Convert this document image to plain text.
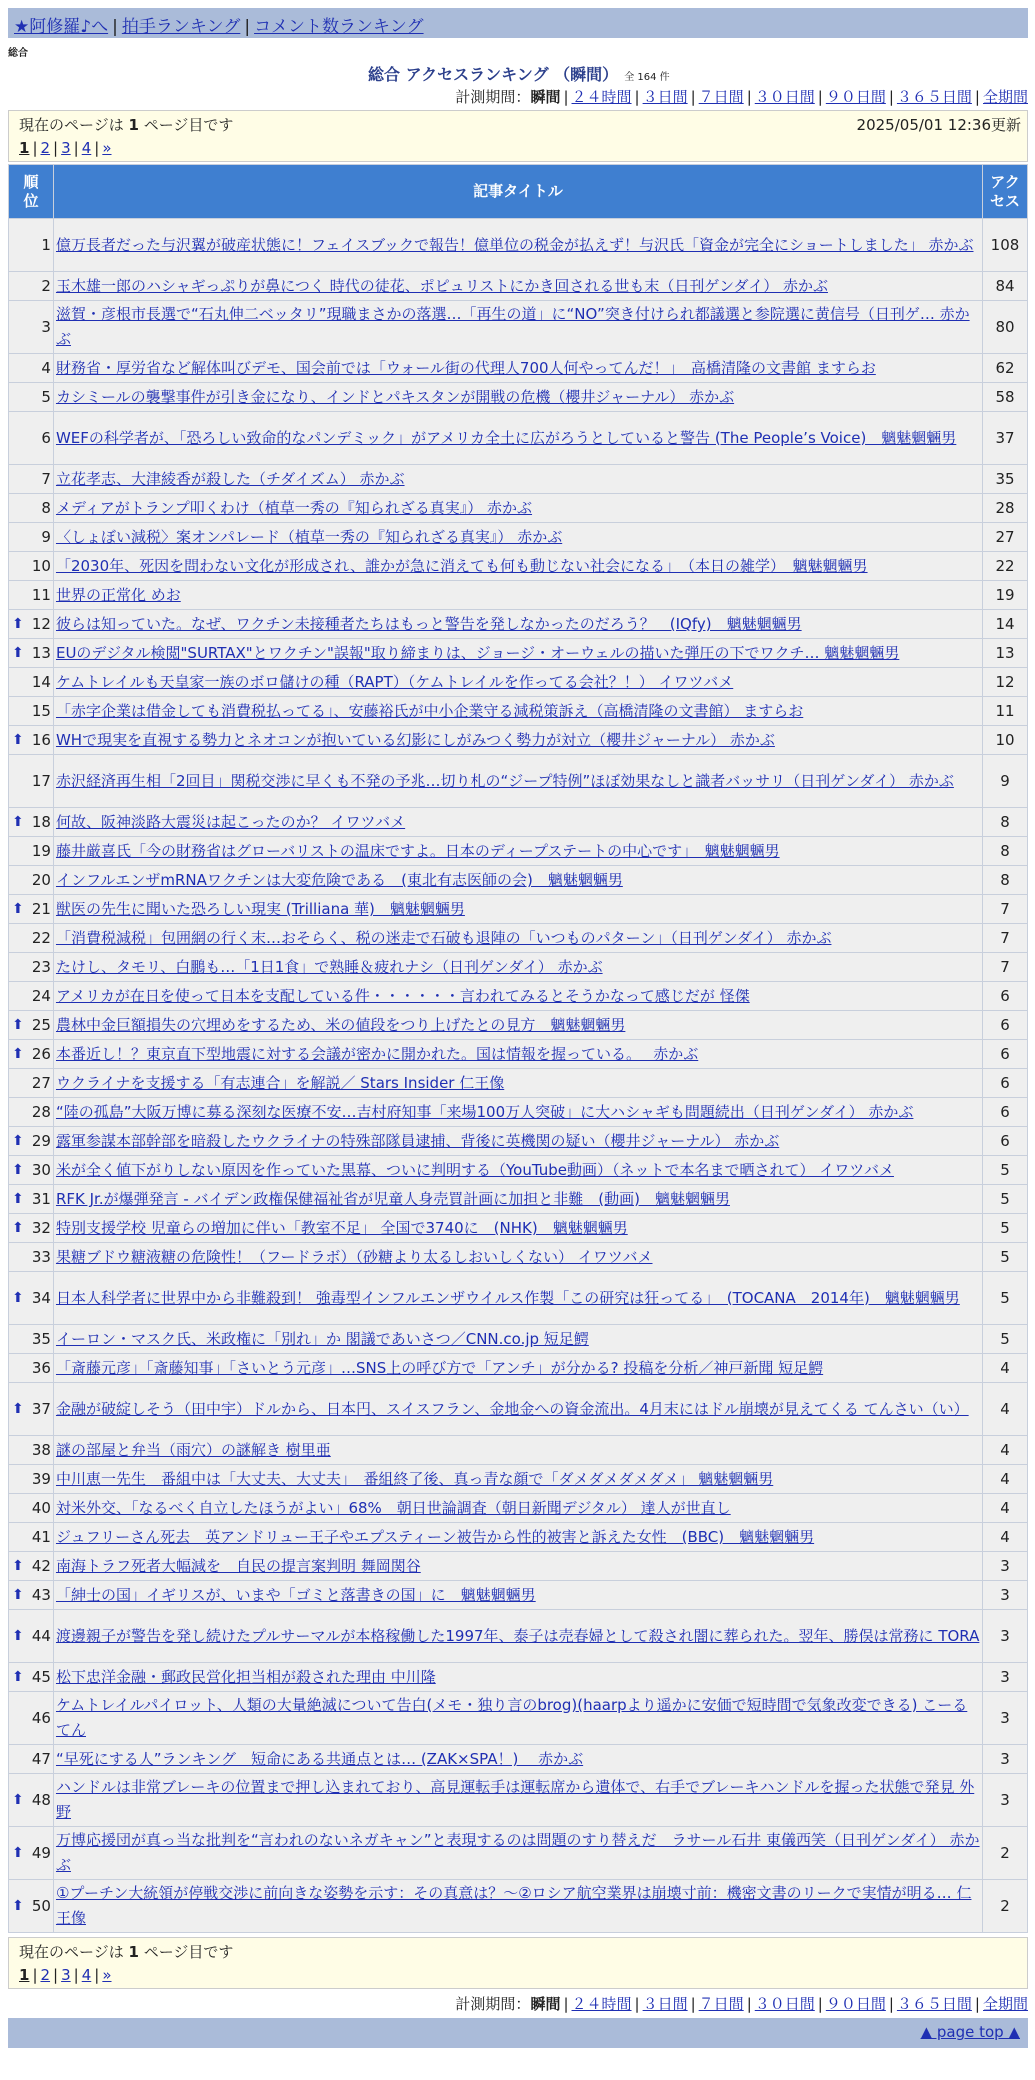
★阿修羅♪へ | 拍手ランキング | コメント数ランキング
総合
総合 アクセスランキング （瞬間） 全 164 件
計測期間：瞬間 | ２４時間 | ３日間 | ７日間 | ３０日間 | ９０日間 | ３６５日間 | 全期間
現在のページは 1 ページ目です	2025/05/01 12:36更新
1 | 2 | 3 | 4 | »
順
位	記事タイトル	アク
セス
1	億万長者だった与沢翼が破産状態に！フェイスブックで報告！億単位の税金が払えず！与沢氏「資金が完全にショートしました」 赤かぶ	108
2	玉木雄一郎のハシャギっぷりが鼻につく 時代の徒花、ポピュリストにかき回される世も末（日刊ゲンダイ） 赤かぶ	84
3	滋賀・彦根市長選で“石丸伸二ベッタリ”現職まさかの落選…「再生の道」に“NO”突き付けられ都議選と参院選に黄信号（日刊ゲ… 赤かぶ	80
4	財務省・厚労省など解体叫びデモ、国会前では「ウォール街の代理人700人何やってんだ！」　高橋清隆の文書館 ますらお	62
5	カシミールの襲撃事件が引き金になり、インドとパキスタンが開戦の危機（櫻井ジャーナル） 赤かぶ	58
6	WEFの科学者が、「恐ろしい致命的なパンデミック」がアメリカ全土に広がろうとしていると警告 (The People’s Voice)　魑魅魍魎男	37
7	立花孝志、大津綾香が殺した（チダイズム） 赤かぶ	35
8	メディアがトランプ叩くわけ（植草一秀の『知られざる真実』） 赤かぶ	28
9	〈しょぼい減税〉案オンパレード（植草一秀の『知られざる真実』） 赤かぶ	27
10	「2030年、死因を問わない文化が形成され、誰かが急に消えても何も動じない社会になる」　（本日の雑学）　魑魅魍魎男	22
11	世界の正常化 めお	19

⬆ 12	彼らは知っていた。なぜ、ワクチン未接種者たちはもっと警告を発しなかったのだろう？　(IQfy)　魑魅魍魎男	14

⬆ 13	EUのデジタル検閲"SURTAX"とワクチン"誤報"取り締まりは、ジョージ・オーウェルの描いた弾圧の下でワクチ… 魑魅魍魎男	13
14	ケムトレイルも天皇家一族のボロ儲けの種（RAPT）（ケムトレイルを作ってる会社？！） イワツバメ	12
15	「赤字企業は借金しても消費税払ってる」、安藤裕氏が中小企業守る減税策訴え（高橋清隆の文書館） ますらお	11

⬆ 16	WHで現実を直視する勢力とネオコンが抱いている幻影にしがみつく勢力が対立（櫻井ジャーナル） 赤かぶ	10
17	赤沢経済再生相「2回目」関税交渉に早くも不発の予兆…切り札の“ジープ特例”ほぼ効果なしと識者バッサリ（日刊ゲンダイ） 赤かぶ	9

⬆ 18	何故、阪神淡路大震災は起こったのか？ イワツバメ	8
19	藤井厳喜氏「今の財務省はグローバリストの温床ですよ。日本のディープステートの中心です」　魑魅魍魎男	8
20	インフルエンザmRNAワクチンは大変危険である　(東北有志医師の会)　魑魅魍魎男	8

⬆ 21	獣医の先生に聞いた恐ろしい現実 (Trilliana 華)　魑魅魍魎男	7
22	「消費税減税」包囲網の行く末…おそらく、税の迷走で石破も退陣の「いつものパターン」（日刊ゲンダイ） 赤かぶ	7
23	たけし、タモリ、白鵬も…「1日1食」で熟睡＆疲れナシ（日刊ゲンダイ） 赤かぶ	7
24	アメリカが在日を使って日本を支配している件・・・・・・言われてみるとそうかなって感じだが 怪傑	6

⬆ 25	農林中金巨額損失の穴埋めをするため、米の値段をつり上げたとの見方　魑魅魍魎男	6

⬆ 26	本番近し！？東京直下型地震に対する会議が密かに開かれた。国は情報を握っている。　 赤かぶ	6
27	ウクライナを支援する「有志連合」を解説／ Stars Insider 仁王像	6
28	“陸の孤島”大阪万博に募る深刻な医療不安…吉村府知事「来場100万人突破」に大ハシャギも問題続出（日刊ゲンダイ） 赤かぶ	6

⬆ 29	露軍参謀本部幹部を暗殺したウクライナの特殊部隊員逮捕、背後に英機関の疑い（櫻井ジャーナル） 赤かぶ	6

⬆ 30	米が全く値下がりしない原因を作っていた黒幕、ついに判明する（YouTube動画）（ネットで本名まで晒されて） イワツバメ	5

⬆ 31	RFK Jr.が爆弾発言 - バイデン政権保健福祉省が児童人身売買計画に加担と非難　(動画)　魑魅魍魎男	5

⬆ 32	特別支援学校 児童らの増加に伴い「教室不足」 全国で3740に　(NHK)　魑魅魍魎男	5
33	果糖ブドウ糖液糖の危険性！（フードラボ）（砂糖より太るしおいしくない） イワツバメ	5

⬆ 34	日本人科学者に世界中から非難殺到！ 強毒型インフルエンザウイルス作製「この研究は狂ってる」　(TOCANA　2014年)　魑魅魍魎男	5
35	イーロン・マスク氏、米政権に「別れ」か 閣議であいさつ／CNN.co.jp 短足鰐	5
36	「斎藤元彦」「斎藤知事」「さいとう元彦」…SNS上の呼び方で「アンチ」が分かる? 投稿を分析／神戸新聞 短足鰐	4

⬆ 37	金融が破綻しそう（田中宇）ドルから、日本円、スイスフラン、金地金への資金流出。4月末にはドル崩壊が見えてくる てんさい（い）	4
38	謎の部屋と弁当（雨穴）の謎解き 樹里亜	4
39	中川恵一先生　番組中は「大丈夫、大丈夫」　番組終了後、真っ青な顔で「ダメダメダメダメ」 魑魅魍魎男	4
40	対米外交、「なるべく自立したほうがよい」68%　朝日世論調査（朝日新聞デジタル） 達人が世直し	4
41	ジュフリーさん死去　英アンドリュー王子やエプスティーン被告から性的被害と訴えた女性　(BBC)　魑魅魍魎男	4

⬆ 42	南海トラフ死者大幅減を　自民の提言案判明 舞岡関谷	3

⬆ 43	「紳士の国」イギリスが、いまや「ゴミと落書きの国」に　魑魅魍魎男	3

⬆ 44	渡邊親子が警告を発し続けたプルサーマルが本格稼働した1997年、泰子は売春婦として殺され闇に葬られた。翌年、勝俣は常務に TORA	3

⬆ 45	松下忠洋金融・郵政民営化担当相が殺された理由 中川隆	3
46	ケムトレイルパイロット、人類の大量絶滅について告白(メモ・独り言のbrog)(haarpより遥かに安価で短時間で気象改変できる) こーるてん	3
47	“早死にする人”ランキング　短命にある共通点とは… (ZAK×SPA！)　 赤かぶ	3

⬆ 48	ハンドルは非常ブレーキの位置まで押し込まれており、高見運転手は運転席から遺体で、右手でブレーキハンドルを握った状態で発見 外野	3

⬆ 49	万博応援団が真っ当な批判を“言われのないネガキャン”と表現するのは問題のすり替えだ　ラサール石井 東儀西笑（日刊ゲンダイ） 赤かぶ	2

⬆ 50	①プーチン大統領が停戦交渉に前向きな姿勢を示す：その真意は？～②ロシア航空業界は崩壊寸前：機密文書のリークで実情が明る… 仁王像	2
現在のページは 1 ページ目です
1 | 2 | 3 | 4 | »
計測期間：瞬間 | ２４時間 | ３日間 | ７日間 | ３０日間 | ９０日間 | ３６５日間 | 全期間
▲ page top ▲
